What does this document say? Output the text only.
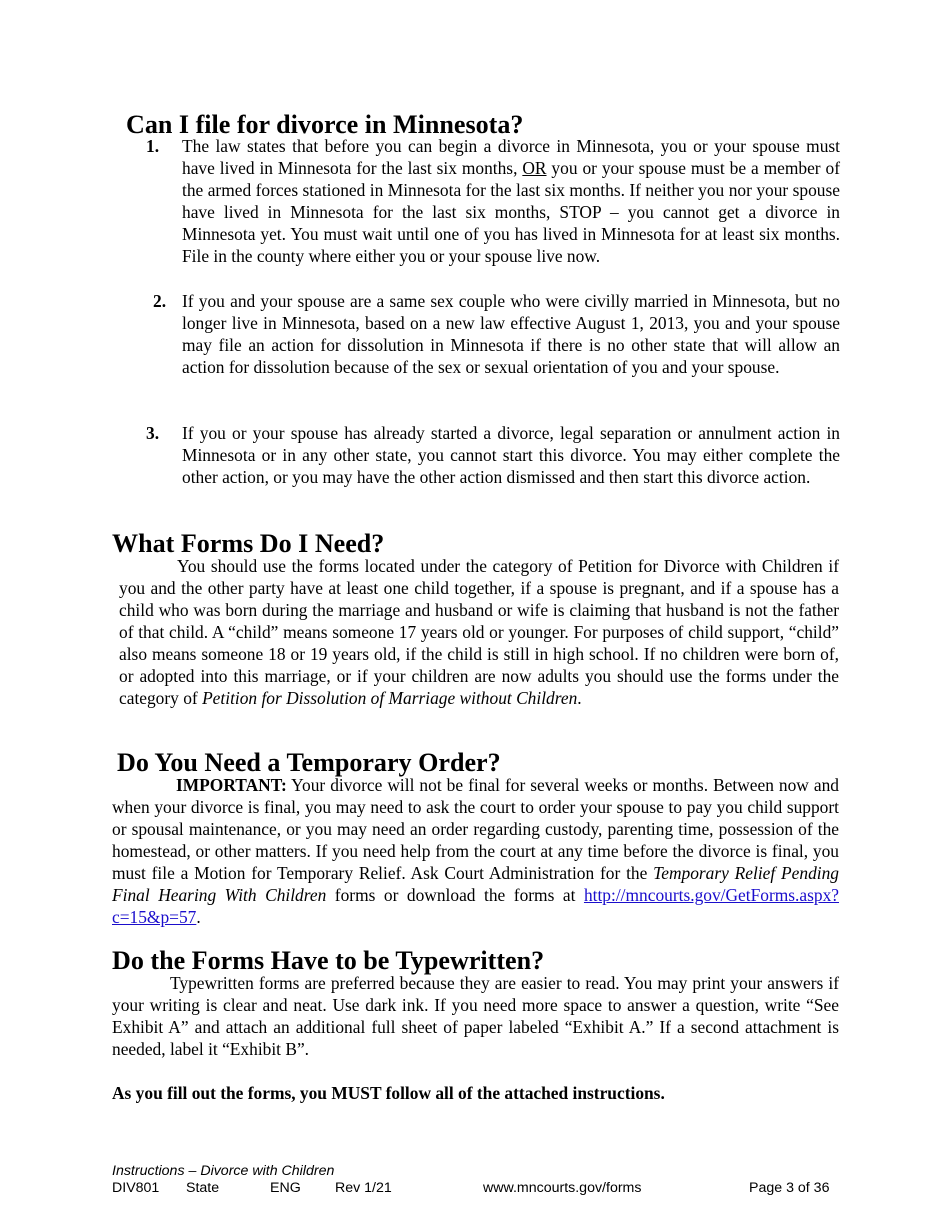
Can I file for divorce in Minnesota?
1.	The law states that before you can begin a divorce in Minnesota, you or your spouse must have lived in Minnesota for the last six months, OR you or your spouse must be a member of the armed forces stationed in Minnesota for the last six months. If neither you nor your spouse have lived in Minnesota for the last six months, STOP – you cannot get a divorce in Minnesota yet. You must wait until one of you has lived in Minnesota for at least six months. File in the county where either you or your spouse live now.
2. If you and your spouse are a same sex couple who were civilly married in Minnesota, but no longer live in Minnesota, based on a new law effective August 1, 2013, you and your spouse may file an action for dissolution in Minnesota if there is no other state that will allow an action for dissolution because of the sex or sexual orientation of you and your spouse.
3.	If you or your spouse has already started a divorce, legal separation or annulment action in Minnesota or in any other state, you cannot start this divorce. You may either complete the other action, or you may have the other action dismissed and then start this divorce action.
What Forms Do I Need?

You should use the forms located under the category of Petition for Divorce with Children if you and the other party have at least one child together, if a spouse is pregnant, and if a spouse has a child who was born during the marriage and husband or wife is claiming that husband is not the father of that child. A “child” means someone 17 years old or younger. For purposes of child support, “child” also means someone 18 or 19 years old, if the child is still in high school. If no children were born of, or adopted into this marriage, or if your children are now adults you should use the forms under the category of Petition for Dissolution of Marriage without Children.

Do You Need a Temporary Order?

IMPORTANT: Your divorce will not be final for several weeks or months. Between now and when your divorce is final, you may need to ask the court to order your spouse to pay you child support or spousal maintenance, or you may need an order regarding custody, parenting time, possession of the homestead, or other matters. If you need help from the court at any time before the divorce is final, you must file a Motion for Temporary Relief. Ask Court Administration for the Temporary Relief Pending Final Hearing With Children forms or download the forms at http://mncourts.gov/GetForms.aspx?c=15&p=57.

Do the Forms Have to be Typewritten?

Typewritten forms are preferred because they are easier to read. You may print your answers if your writing is clear and neat. Use dark ink. If you need more space to answer a question, write “See Exhibit A” and attach an additional full sheet of paper labeled “Exhibit A.” If a second attachment is needed, label it “Exhibit B”.

As you fill out the forms, you MUST follow all of the attached instructions.

Instructions – Divorce with Children
DIV801 State	ENG Rev 1/21	www.mncourts.gov/forms	Page 3 of 36
